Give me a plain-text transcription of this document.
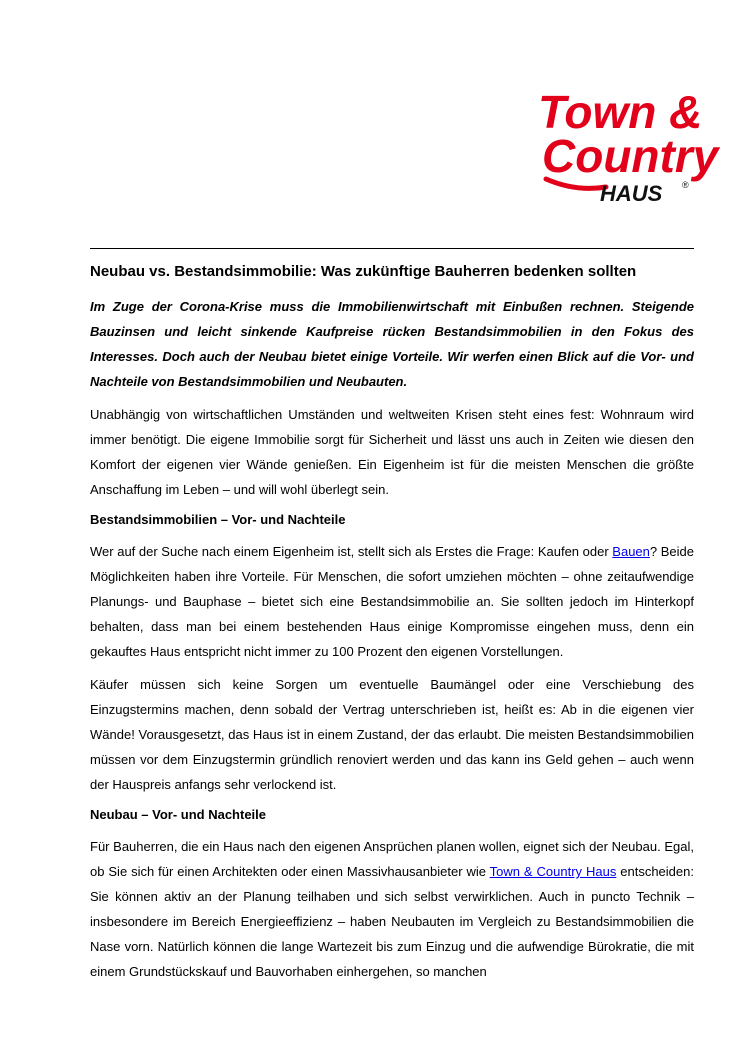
Town &
Country
HAUS ®
Neubau vs. Bestandsimmobilie: Was zukünftige Bauherren bedenken sollten

Im Zuge der Corona-Krise muss die Immobilienwirtschaft mit Einbußen rechnen. Steigende Bauzinsen und leicht sinkende Kaufpreise rücken Bestandsimmobilien in den Fokus des Interesses. Doch auch der Neubau bietet einige Vorteile. Wir werfen einen Blick auf die Vor- und Nachteile von Bestandsimmobilien und Neubauten.

Unabhängig von wirtschaftlichen Umständen und weltweiten Krisen steht eines fest: Wohnraum wird immer benötigt. Die eigene Immobilie sorgt für Sicherheit und lässt uns auch in Zeiten wie diesen den Komfort der eigenen vier Wände genießen. Ein Eigenheim ist für die meisten Menschen die größte Anschaffung im Leben – und will wohl überlegt sein.

Bestandsimmobilien – Vor- und Nachteile

Wer auf der Suche nach einem Eigenheim ist, stellt sich als Erstes die Frage: Kaufen oder Bauen? Beide Möglichkeiten haben ihre Vorteile. Für Menschen, die sofort umziehen möchten – ohne zeitaufwendige Planungs- und Bauphase – bietet sich eine Bestandsimmobilie an. Sie sollten jedoch im Hinterkopf behalten, dass man bei einem bestehenden Haus einige Kompromisse eingehen muss, denn ein gekauftes Haus entspricht nicht immer zu 100 Prozent den eigenen Vorstellungen.

Käufer müssen sich keine Sorgen um eventuelle Baumängel oder eine Verschiebung des Einzugstermins machen, denn sobald der Vertrag unterschrieben ist, heißt es: Ab in die eigenen vier Wände! Vorausgesetzt, das Haus ist in einem Zustand, der das erlaubt. Die meisten Bestandsimmobilien müssen vor dem Einzugstermin gründlich renoviert werden und das kann ins Geld gehen – auch wenn der Hauspreis anfangs sehr verlockend ist.

Neubau – Vor- und Nachteile

Für Bauherren, die ein Haus nach den eigenen Ansprüchen planen wollen, eignet sich der Neubau. Egal, ob Sie sich für einen Architekten oder einen Massivhausanbieter wie Town & Country Haus entscheiden: Sie können aktiv an der Planung teilhaben und sich selbst verwirklichen. Auch in puncto Technik – insbesondere im Bereich Energieeffizienz – haben Neubauten im Vergleich zu Bestandsimmobilien die Nase vorn. Natürlich können die lange Wartezeit bis zum Einzug und die aufwendige Bürokratie, die mit einem Grundstückskauf und Bauvorhaben einhergehen, so manchen
